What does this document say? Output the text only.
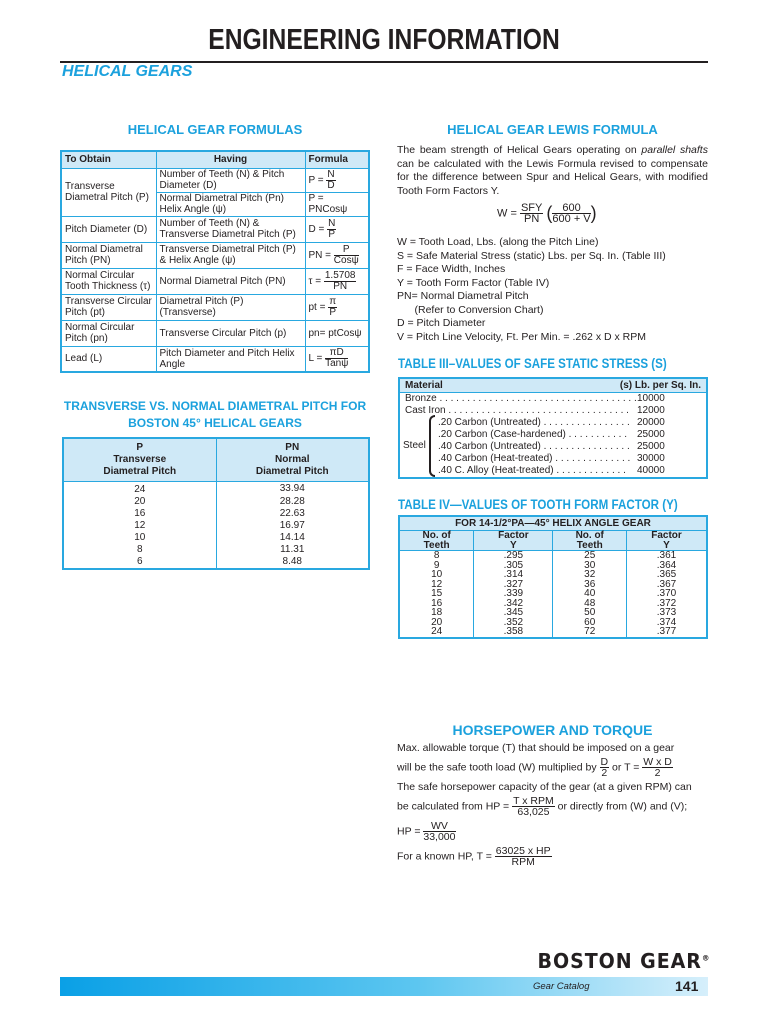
ENGINEERING INFORMATION
HELICAL GEARS
HELICAL GEAR FORMULAS
To Obtain	Having	Formula
Transverse Diametral Pitch (P)	Number of Teeth (N) & Pitch Diameter (D)	$P = \frac{N}{D}$

	Normal Diametral Pitch (Pn) Helix Angle (ψ)	P = PNCosψ
Pitch Diameter (D)	Number of Teeth (N) & Transverse Diametral Pitch (P)	$D = \frac{N}{P}$

Normal Diametral Pitch (PN)	Transverse Diametral Pitch (P) & Helix Angle (ψ)	PN = $\frac{P}{\text{Cosψ}}$

Normal Circular Tooth Thickness (τ)	Normal Diametral Pitch (PN)	$\tau = \frac{1.5708}{PN}$

Transverse Circular Pitch (pt)	Diametral Pitch (P) (Transverse)	pt = $\frac{\pi}{P}$

Normal Circular Pitch (pn)	Transverse Circular Pitch (p)	pn= ptCosψ
Lead (L)	Pitch Diameter and Pitch Helix Angle	$L = \frac{\pi D}{\text{Tanψ}}$
TRANSVERSE VS. NORMAL DIAMETRAL PITCH FOR BOSTON 45° HELICAL GEARS
P
Transverse
Diametral Pitch	PN
Normal
Diametral Pitch
24	33.94
20	28.28
16	22.63
12	16.97
10	14.14
8	11.31
6	8.48
HELICAL GEAR LEWIS FORMULA
The beam strength of Helical Gears operating on parallel shafts can be calculated with the Lewis Formula revised to compensate for the difference between Spur and Helical Gears, with modified Tooth Form Factors Y.
$W = \frac{\text{SFY}}{PN}$ ( $\frac{600}{600 + V}$ )
W = Tooth Load, Lbs. (along the Pitch Line)
S = Safe Material Stress (static) Lbs. per Sq. In. (Table III)
F = Face Width, Inches
Y = Tooth Form Factor (Table IV)
PN= Normal Diametral Pitch
(Refer to Conversion Chart)
D = Pitch Diameter
V = Pitch Line Velocity, Ft. Per Min. = .262 x D x RPM
TABLE III–VALUES OF SAFE STATIC STRESS (S)
Material	(s) Lb. per Sq. In.
Steel
Bronze . . . . . . . . . . . . . . . . . . . . . . . . . . . . . . . . . . . . 10000
Cast Iron . . . . . . . . . . . . . . . . . . . . . . . . . . . . . . . . . 12000
.20 Carbon (Untreated) . . . . . . . . . . . . . . . . 20000
.20 Carbon (Case-hardened) . . . . . . . . . . .	25000
.40 Carbon (Untreated) . . . . . . . . . . . . . . . . 25000
.40 Carbon (Heat-treated) . . . . . . . . . . . . . . 30000
.40 C. Alloy (Heat-treated) . . . . . . . . . . . . .	40000
TABLE IV—VALUES OF TOOTH FORM FACTOR (Y)
FOR 14-1/2°PA—45° HELIX ANGLE GEAR			
No. of
Teeth	Factor
Y	No. of
Teeth	Factor
Y
8	.295	25	.361
9	.305	30	.364
10	.314	32	.365
12	.327	36	.367
15	.339	40	.370
16	.342	48	.372
18	.345	50	.373
20	.352	60	.374
24	.358	72	.377
HORSEPOWER AND TORQUE
Max. allowable torque (T) that should be imposed on a gear
will be the safe tooth load (W) multiplied by $\frac{D}{2}$ or $T = \frac{\text{W x D}}{2}$
The safe horsepower capacity of the gear (at a given RPM) can
be calculated from HP = $\frac{\text{T x RPM}}{63,025}$ or directly from (W) and (V);
HP = $\frac{WV}{33,000}$
For a known HP, $T = \frac{\text{63025 x HP}}{\text{RPM}}$
BOSTON GEAR®
Gear Catalog	141
